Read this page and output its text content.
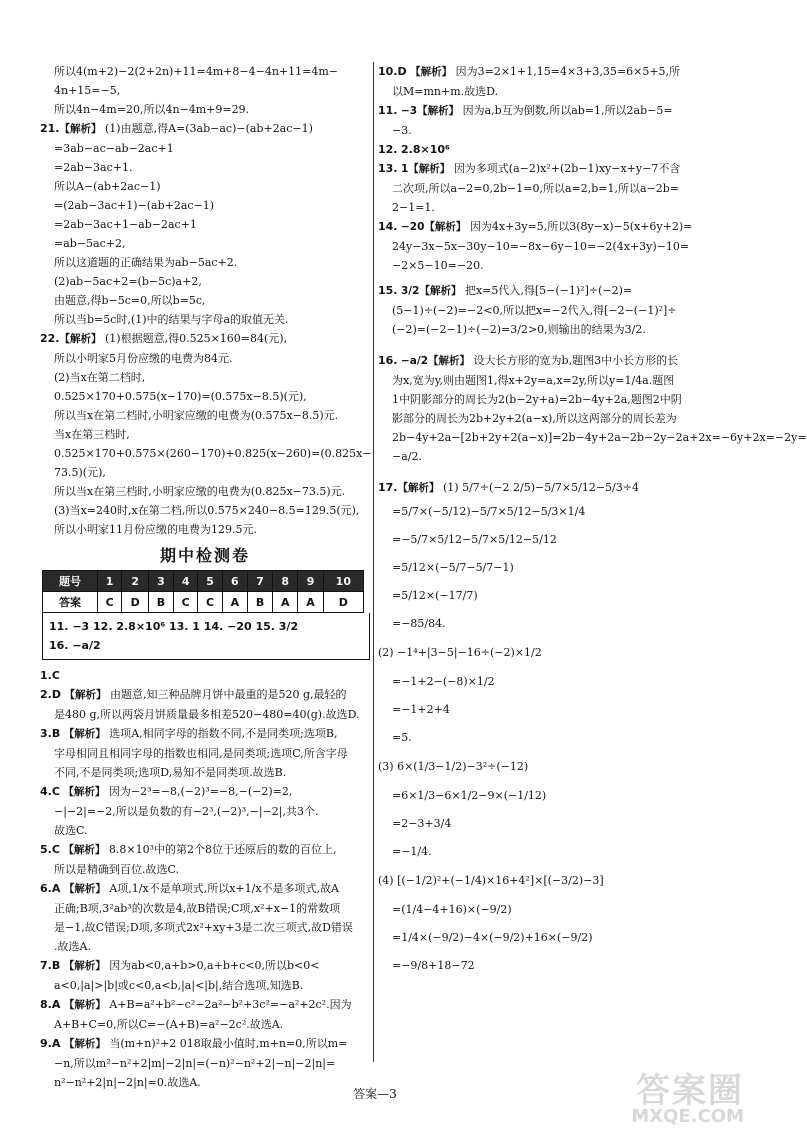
所以4(m+2)−2(2+2n)+11=4m+8−4−4n+11=4m−
4n+15=−5,
所以4n−4m=20,所以4n−4m+9=29.
21.【解析】 (1)由题意,得A=(3ab−ac)−(ab+2ac−1)
=3ab−ac−ab−2ac+1
=2ab−3ac+1.
所以A−(ab+2ac−1)
=(2ab−3ac+1)−(ab+2ac−1)
=2ab−3ac+1−ab−2ac+1
=ab−5ac+2,
所以这道题的正确结果为ab−5ac+2.
(2)ab−5ac+2=(b−5c)a+2,
由题意,得b−5c=0,所以b=5c,
所以当b=5c时,(1)中的结果与字母a的取值无关.
22.【解析】 (1)根据题意,得0.525×160=84(元),
所以小明家5月份应缴的电费为84元.
(2)当x在第二档时,
0.525×170+0.575(x−170)=(0.575x−8.5)(元),
所以当x在第二档时,小明家应缴的电费为(0.575x−8.5)元.
当x在第三档时,
0.525×170+0.575×(260−170)+0.825(x−260)=(0.825x−
73.5)(元),
所以当x在第三档时,小明家应缴的电费为(0.825x−73.5)元.
(3)当x=240时,x在第二档,所以0.575×240−8.5=129.5(元),
所以小明家11月份应缴的电费为129.5元.
期中检测卷
题号	1	2	3	4	5	6	7	8	9	10
答案	C	D	B	C	C	A	B	A	A	D
11. −3 12. 2.8×10⁶ 13. 1 14. −20 15. 3/2
16. −a/2
1.C
2.D 【解析】 由题意,知三种品牌月饼中最重的是520 g,最轻的
是480 g,所以两袋月饼质量最多相差520−480=40(g).故选D.
3.B 【解析】 选项A,相同字母的指数不同,不是同类项;选项B,
字母相同且相同字母的指数也相同,是同类项;选项C,所含字母
不同,不是同类项;选项D,易知不是同类项.故选B.
4.C 【解析】 因为−2³=−8,(−2)³=−8,−(−2)=2,
−|−2|=−2,所以是负数的有−2³,(−2)³,−|−2|,共3个.
故选C.
5.C 【解析】 8.8×10³中的第2个8位于还原后的数的百位上,
所以是精确到百位.故选C.
6.A 【解析】 A项,1/x不是单项式,所以x+1/x不是多项式,故A
正确;B项,3²ab³的次数是4,故B错误;C项,x²+x−1的常数项
是−1,故C错误;D项,多项式2x²+xy+3是二次三项式,故D错误
.故选A.
7.B 【解析】 因为ab<0,a+b>0,a+b+c<0,所以b<0<
a<0,|a|>|b|或c<0,a<b,|a|<|b|,结合选项,知选B.
8.A 【解析】 A+B=a²+b²−c²−2a²−b²+3c²=−a²+2c².因为
A+B+C=0,所以C=−(A+B)=a²−2c².故选A.
9.A 【解析】 当(m+n)²+2 018取最小值时,m+n=0,所以m=
−n,所以m²−n²+2|m|−2|n|=(−n)²−n²+2|−n|−2|n|=
n²−n²+2|n|−2|n|=0.故选A.
10.D 【解析】 因为3=2×1+1,15=4×3+3,35=6×5+5,所
以M=mn+m.故选D.
11. −3【解析】 因为a,b互为倒数,所以ab=1,所以2ab−5=
−3.
12. 2.8×10⁶
13. 1【解析】 因为多项式(a−2)x²+(2b−1)xy−x+y−7不含
二次项,所以a−2=0,2b−1=0,所以a=2,b=1,所以a−2b=
2−1=1.
14. −20【解析】 因为4x+3y=5,所以3(8y−x)−5(x+6y+2)=
24y−3x−5x−30y−10=−8x−6y−10=−2(4x+3y)−10=
−2×5−10=−20.
15. 3/2【解析】 把x=5代入,得[5−(−1)²]÷(−2)=
(5−1)÷(−2)=−2<0,所以把x=−2代入,得[−2−(−1)²]÷
(−2)=(−2−1)÷(−2)=3/2>0,则输出的结果为3/2.
16. −a/2【解析】 设大长方形的宽为b,题图3中小长方形的长
为x,宽为y,则由题图1,得x+2y=a,x=2y,所以y=1/4a.题图
1中阴影部分的周长为2(b−2y+a)=2b−4y+2a,题图2中阴
影部分的周长为2b+2y+2(a−x),所以这两部分的周长差为
2b−4y+2a−[2b+2y+2(a−x)]=2b−4y+2a−2b−2y−2a+2x=−6y+2x=−2y=
−a/2.
17.【解析】 (1) 5/7÷(−2 2/5)−5/7×5/12−5/3÷4
=5/7×(−5/12)−5/7×5/12−5/3×1/4
=−5/7×5/12−5/7×5/12−5/12
=5/12×(−5/7−5/7−1)
=5/12×(−17/7)
=−85/84.
(2) −1⁴+|3−5|−16÷(−2)×1/2
=−1+2−(−8)×1/2
=−1+2+4
=5.
(3) 6×(1/3−1/2)−3²÷(−12)
=6×1/3−6×1/2−9×(−1/12)
=2−3+3/4
=−1/4.
(4) [(−1/2)²+(−1/4)×16+4²]×[(−3/2)−3]
=(1/4−4+16)×(−9/2)
=1/4×(−9/2)−4×(−9/2)+16×(−9/2)
=−9/8+18−72
答案—3	答案圈
MXQE.COM
